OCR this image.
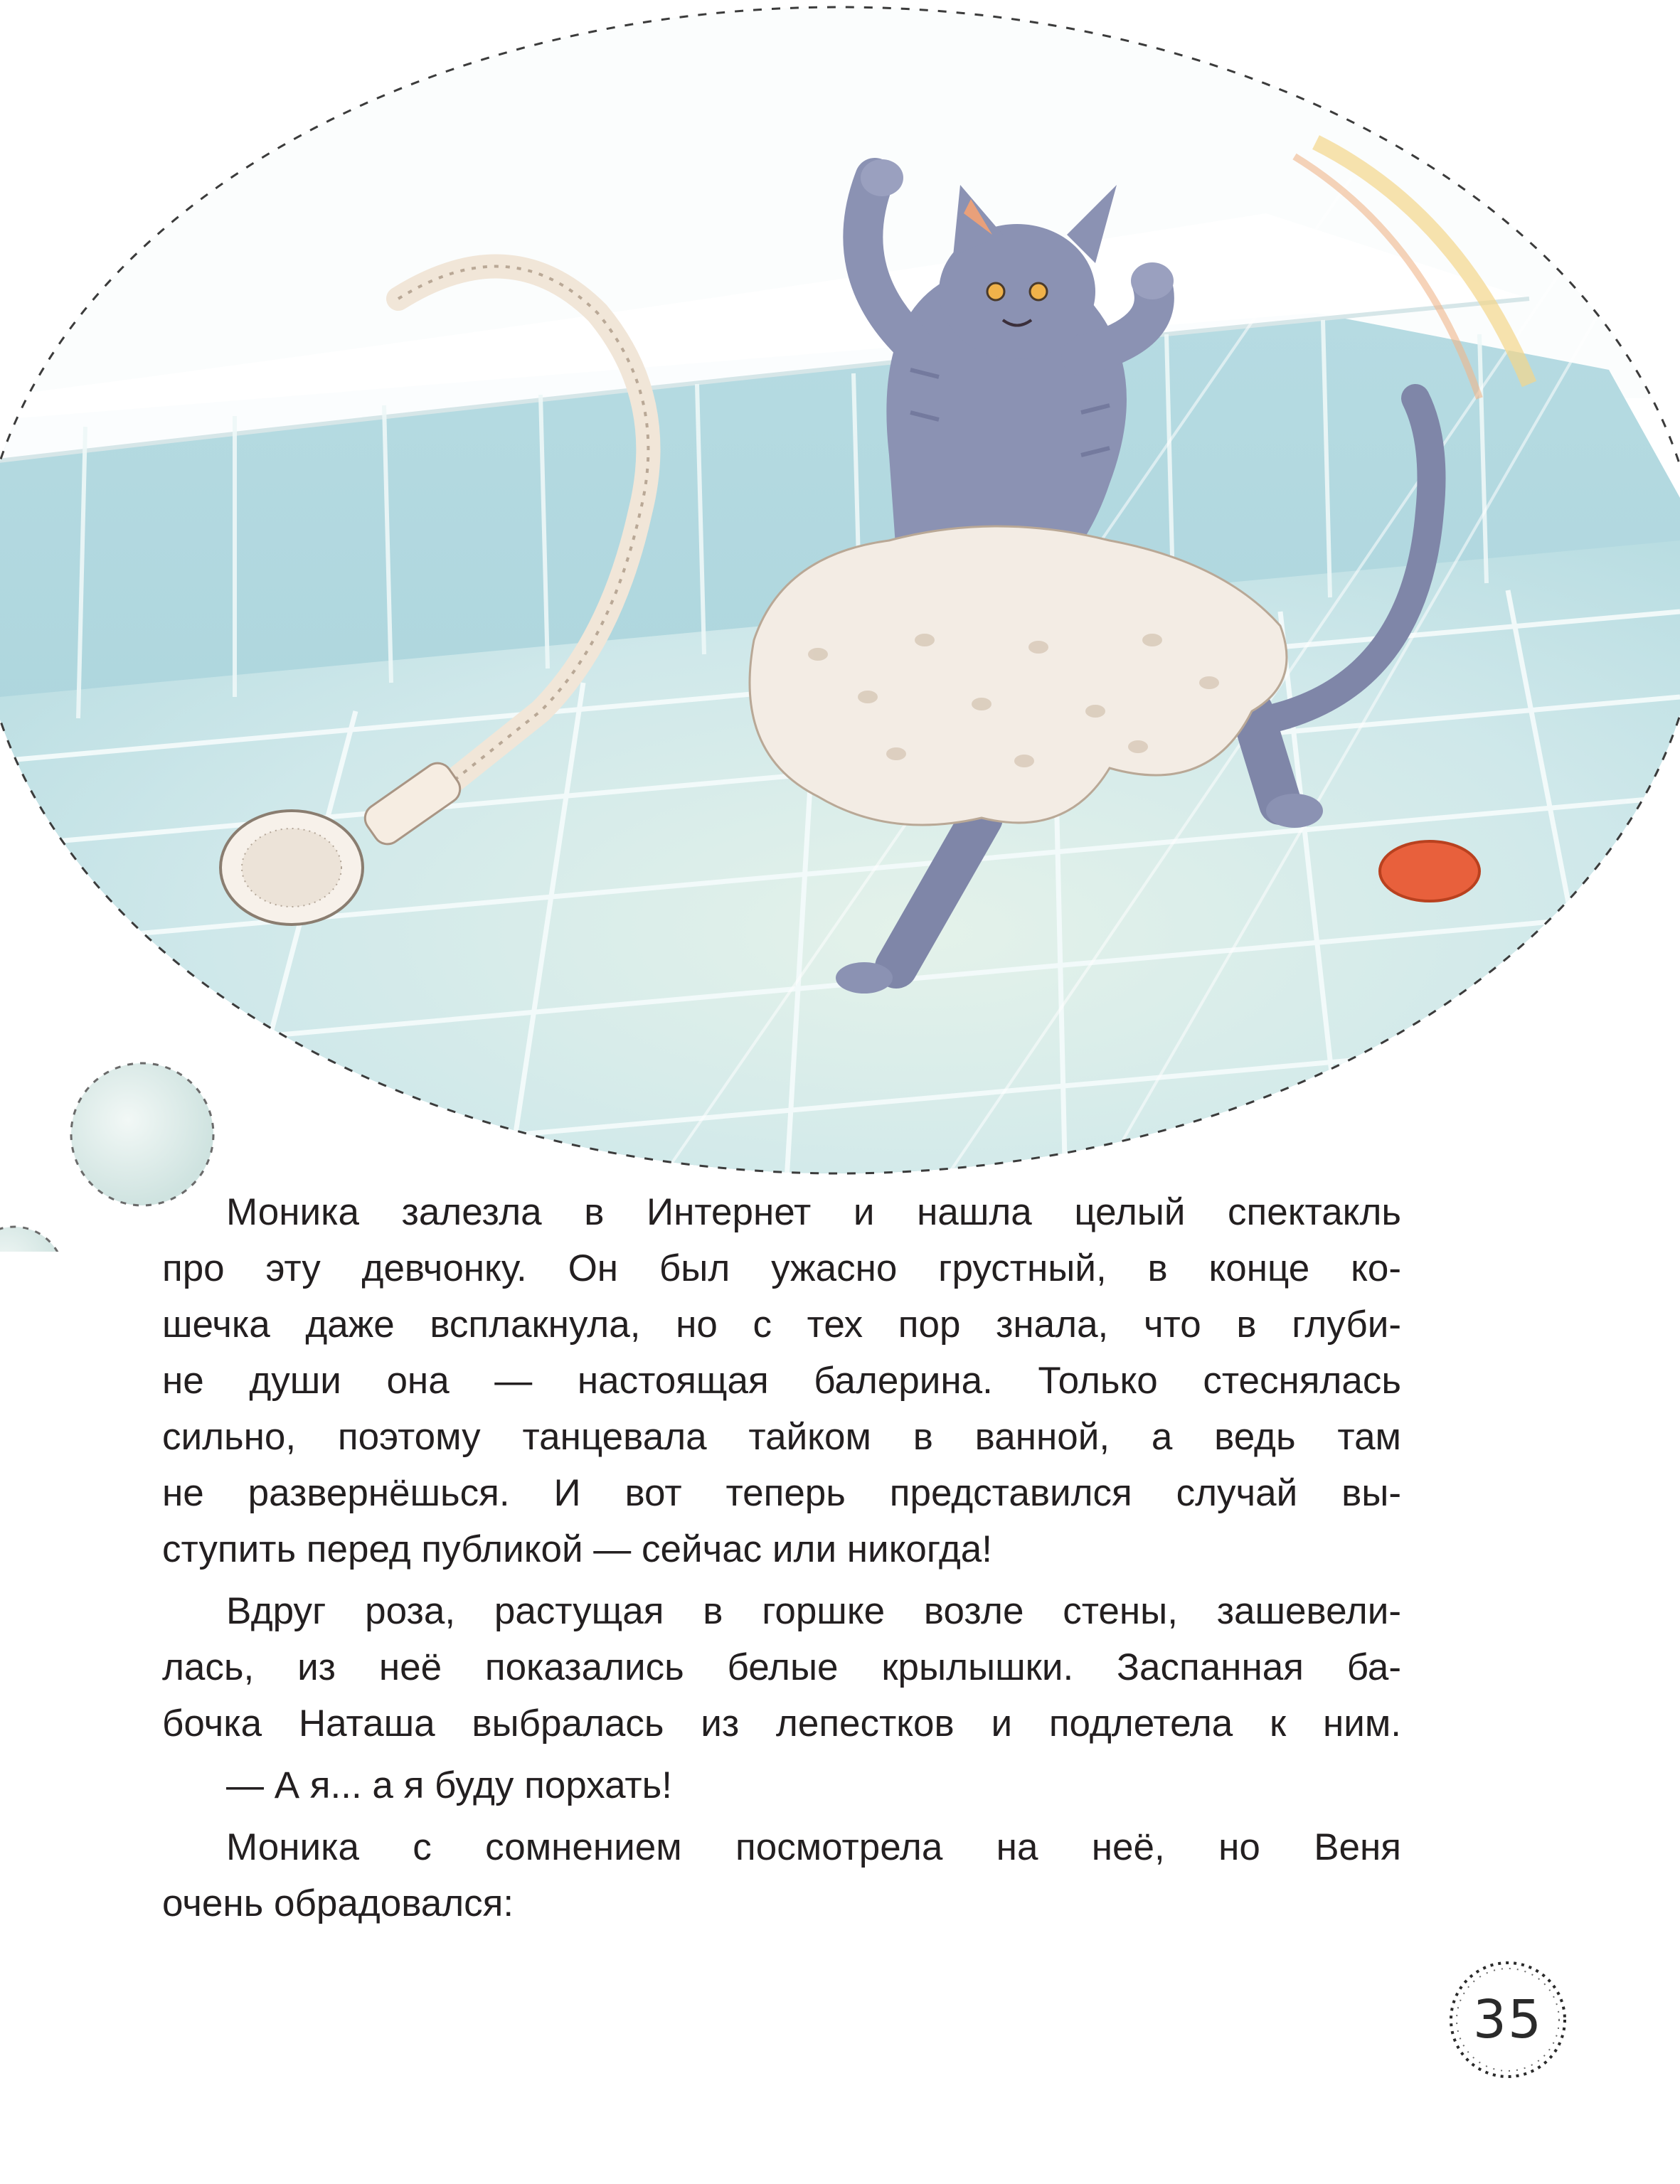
Моника залезла в Интернет и нашла целый спектакль
про эту девчонку. Он был ужасно грустный, в конце ко-
шечка даже всплакнула, но с тех пор знала, что в глуби-
не души она — настоящая балерина. Только стеснялась
сильно, поэтому танцевала тайком в ванной, а ведь там
не развернёшься. И вот теперь представился случай вы-
ступить перед публикой — сейчас или никогда!

Вдруг роза, растущая в горшке возле стены, зашевели-
лась, из неё показались белые крылышки. Заспанная ба-
бочка Наташа выбралась из лепестков и подлетела к ним.

— А я... а я буду порхать!

Моника с сомнением посмотрела на неё, но Веня
очень обрадовался:

35
